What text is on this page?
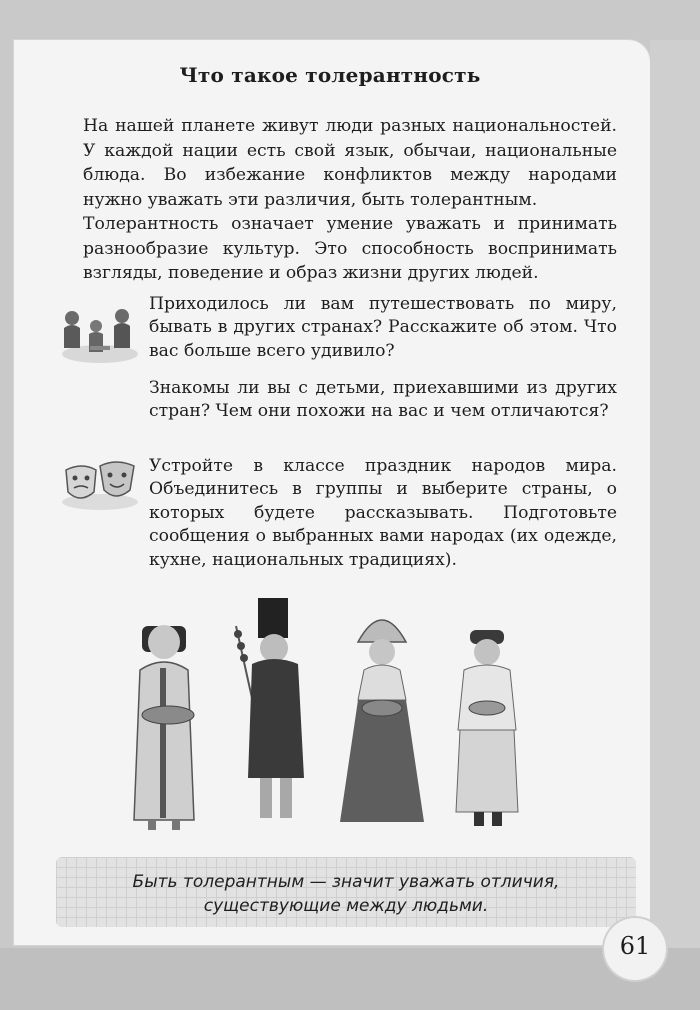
Что такое толерантность

На нашей планете живут люди разных национальностей. У каждой нации есть свой язык, обычаи, национальные блюда. Во избежание конфликтов между народами нужно уважать эти различия, быть толерантным.

Толерантность означает умение уважать и принимать разнообразие культур. Это способность воспринимать взгляды, поведение и образ жизни других людей.

Приходилось ли вам путешествовать по миру, бывать в других странах? Расскажите об этом. Что вас больше всего удивило?

Знакомы ли вы с детьми, приехавшими из других стран? Чем они похожи на вас и чем отличаются?

Устройте в классе праздник народов мира. Объединитесь в группы и выберите страны, о которых будете рассказывать. Подготовьте сообщения о выбранных вами народах (их одежде, кухне, национальных традициях).

Быть толерантным — значит уважать отличия,
существующие между людьми.
61
